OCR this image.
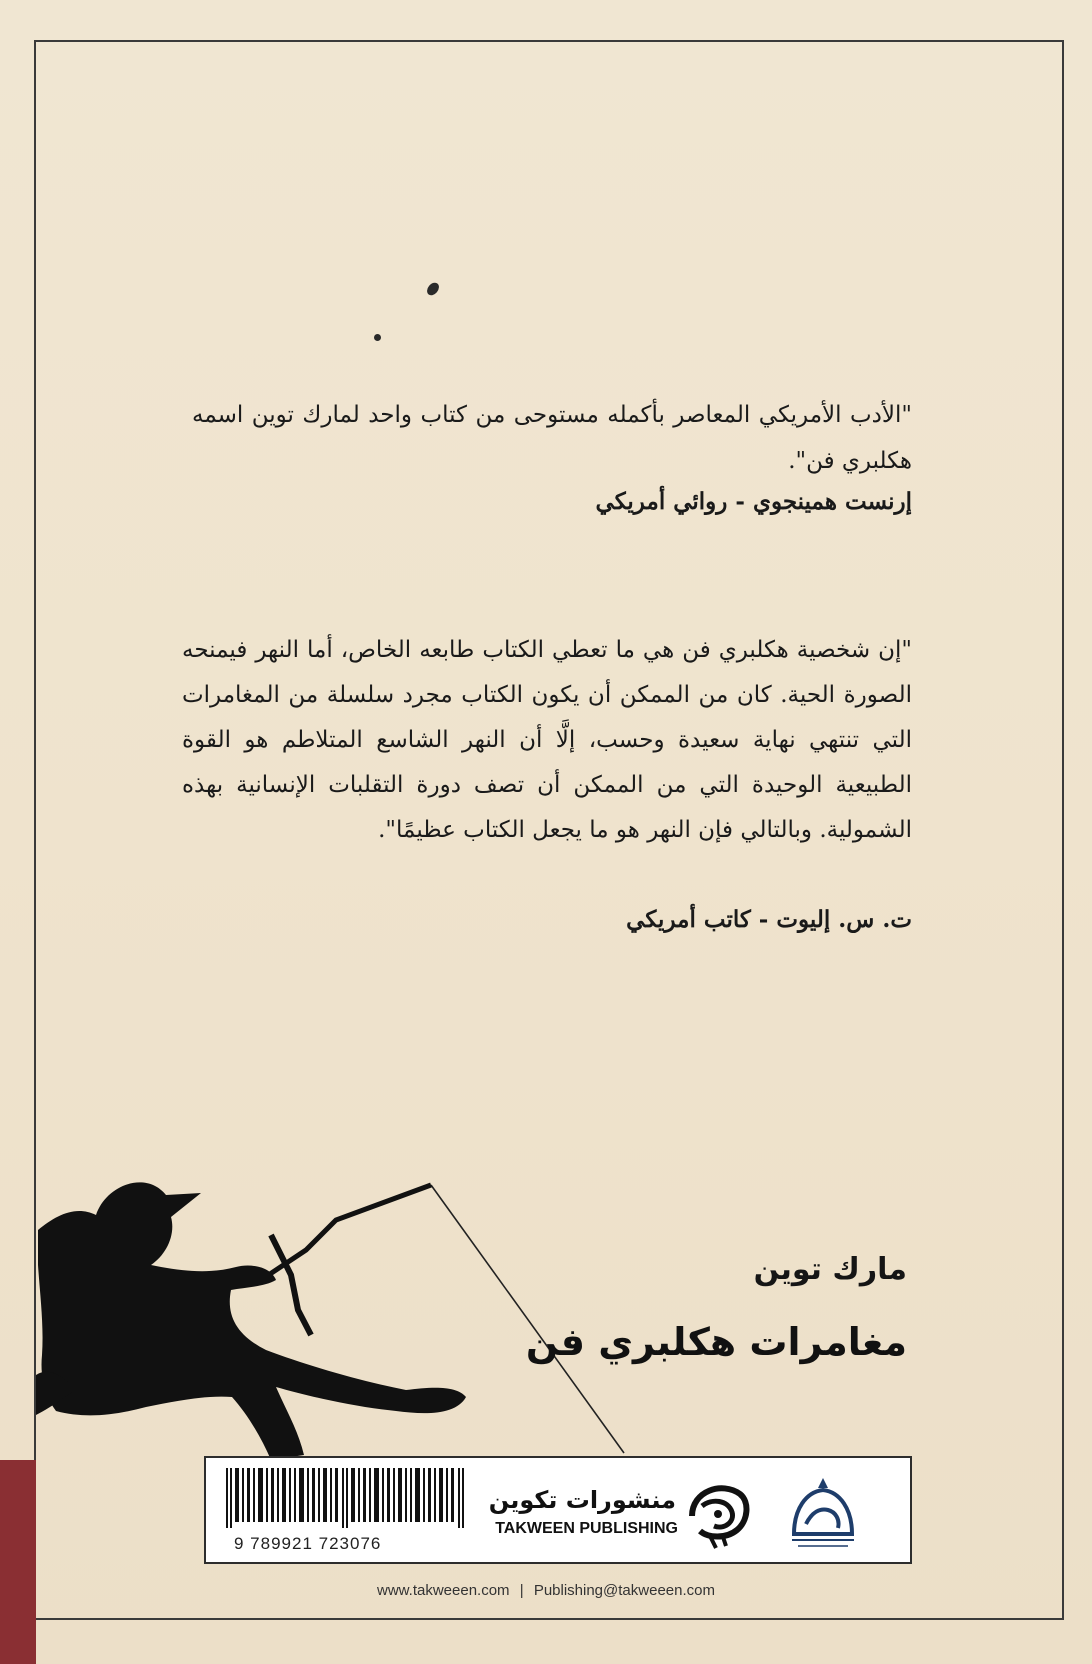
"الأدب الأمريكي المعاصر بأكمله مستوحى من كتاب واحد لمارك توين اسمه هكلبري فن".
إرنست همينجوي - روائي أمريكي
"إن شخصية هكلبري فن هي ما تعطي الكتاب طابعه الخاص، أما النهر فيمنحه الصورة الحية. كان من الممكن أن يكون الكتاب مجرد سلسلة من المغامرات التي تنتهي نهاية سعيدة وحسب، إلَّا أن النهر الشاسع المتلاطم هو القوة الطبيعية الوحيدة التي من الممكن أن تصف دورة التقلبات الإنسانية بهذه الشمولية. وبالتالي فإن النهر هو ما يجعل الكتاب عظيمًا".
ت. س. إليوت - كاتب أمريكي
مارك توين
مغامرات هكلبري فن
9 789921 723076
منشورات تكوين
TAKWEEN PUBLISHING
www.takweeen.com | Publishing@takweeen.com
